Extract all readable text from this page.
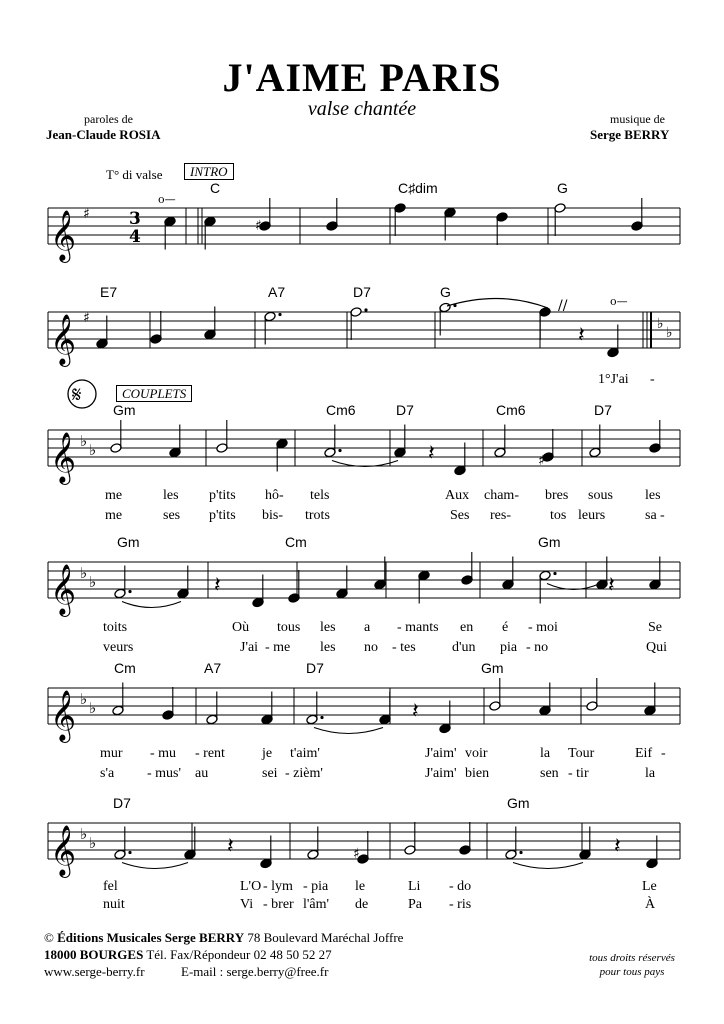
J'AIME PARIS
valse chantée
paroles de
Jean-Claude ROSIA
musique de
Serge BERRY
T° di valse	INTRO
COUPLETS
𝄞 ♯ 3
4
𝄞 ♯	♭
♭
𝄽
𝄞 ♭ ♭	𝄽
𝄞 ♭ ♭	𝄽	𝄽
𝄞 ♭ ♭	𝄽
𝄞 ♭ ♭	𝄽	𝄽
♯
♯
♯
//
o—
o—
𝄋
C	C♯dim	G
E7	A7	D7	G
Gm	Cm6	D7	Cm6	D7
Gm	Cm	Gm
Cm	A7	D7	Gm
D7	Gm
1°J'ai -
me	les p'tits hô- tels	Aux cham- bres sous les
me	ses p'tits bis- trots	Ses res-	tos leurs	sa -
toits	Où tous les a - mants en é - moi	Se
veurs	J'ai - me les no - tes	d'un pia - no	Qui
mur - mu - rent	je t'aim'	J'aim' voir	la Tour	Eif -
s'a - mus' au	sei - zièm'	J'aim' bien	sen - tir	la
fel	L'O - lym - pia le	Li - do	Le
nuit	Vi - brer l'âm' de	Pa - ris	À
© Éditions Musicales Serge BERRY 78 Boulevard Maréchal Joffre
18000 BOURGES Tél. Fax/Répondeur 02 48 50 52 27
www.serge-berry.fr	E-mail : serge.berry@free.fr
tous droits réservés
pour tous pays
